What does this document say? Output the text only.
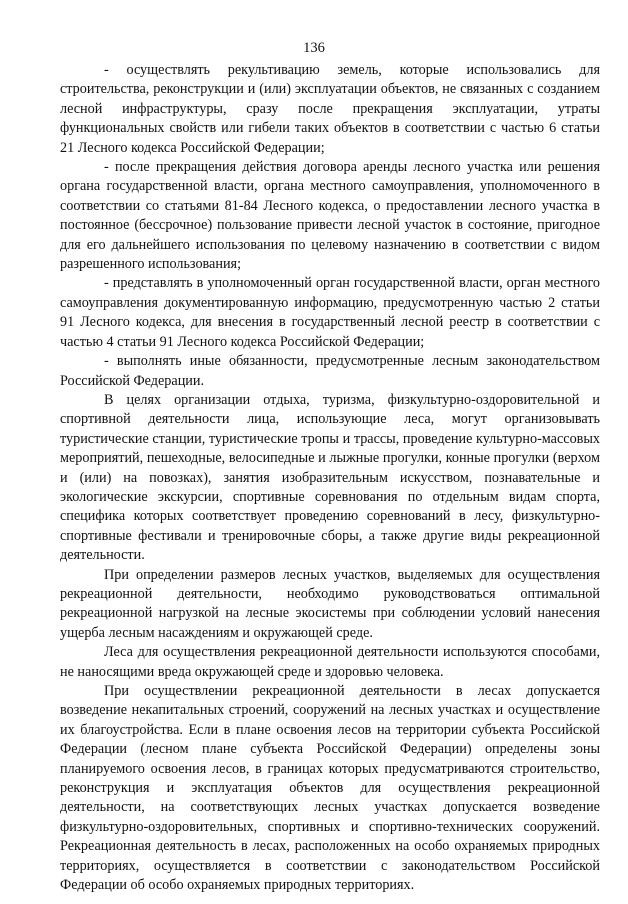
136

- осуществлять рекультивацию земель, которые использовались для строительства, реконструкции и (или) эксплуатации объектов, не связанных с созданием лесной инфраструктуры, сразу после прекращения эксплуатации, утраты функциональных свойств или гибели таких объектов в соответствии с частью 6 статьи 21 Лесного кодекса Российской Федерации;

- после прекращения действия договора аренды лесного участка или решения органа государственной власти, органа местного самоуправления, уполномоченного в соответствии со статьями 81-84 Лесного кодекса, о предоставлении лесного участка в постоянное (бессрочное) пользование привести лесной участок в состояние, пригодное для его дальнейшего использования по целевому назначению в соответствии с видом разрешенного использования;

- представлять в уполномоченный орган государственной власти, орган местного самоуправления документированную информацию, предусмотренную частью 2 статьи 91 Лесного кодекса, для внесения в государственный лесной реестр в соответствии с частью 4 статьи 91 Лесного кодекса Российской Федерации;

- выполнять иные обязанности, предусмотренные лесным законодательством Российской Федерации.

В целях организации отдыха, туризма, физкультурно-оздоровительной и спортивной деятельности лица, использующие леса, могут организовывать туристические станции, туристические тропы и трассы, проведение культурно-массовых мероприятий, пешеходные, велосипедные и лыжные прогулки, конные прогулки (верхом и (или) на повозках), занятия изобразительным искусством, познавательные и экологические экскурсии, спортивные соревнования по отдельным видам спорта, специфика которых соответствует проведению соревнований в лесу, физкультурно-спортивные фестивали и тренировочные сборы, а также другие виды рекреационной деятельности.

При определении размеров лесных участков, выделяемых для осуществления рекреационной деятельности, необходимо руководствоваться оптимальной рекреационной нагрузкой на лесные экосистемы при соблюдении условий нанесения ущерба лесным насаждениям и окружающей среде.

Леса для осуществления рекреационной деятельности используются способами, не наносящими вреда окружающей среде и здоровью человека.

При осуществлении рекреационной деятельности в лесах допускается возведение некапитальных строений, сооружений на лесных участках и осуществление их благоустройства. Если в плане освоения лесов на территории субъекта Российской Федерации (лесном плане субъекта Российской Федерации) определены зоны планируемого освоения лесов, в границах которых предусматриваются строительство, реконструкция и эксплуатация объектов для осуществления рекреационной деятельности, на соответствующих лесных участках допускается возведение физкультурно-оздоровительных, спортивных и спортивно-технических сооружений. Рекреационная деятельность в лесах, расположенных на особо охраняемых природных территориях, осуществляется в соответствии с законодательством Российской Федерации об особо охраняемых природных территориях.
